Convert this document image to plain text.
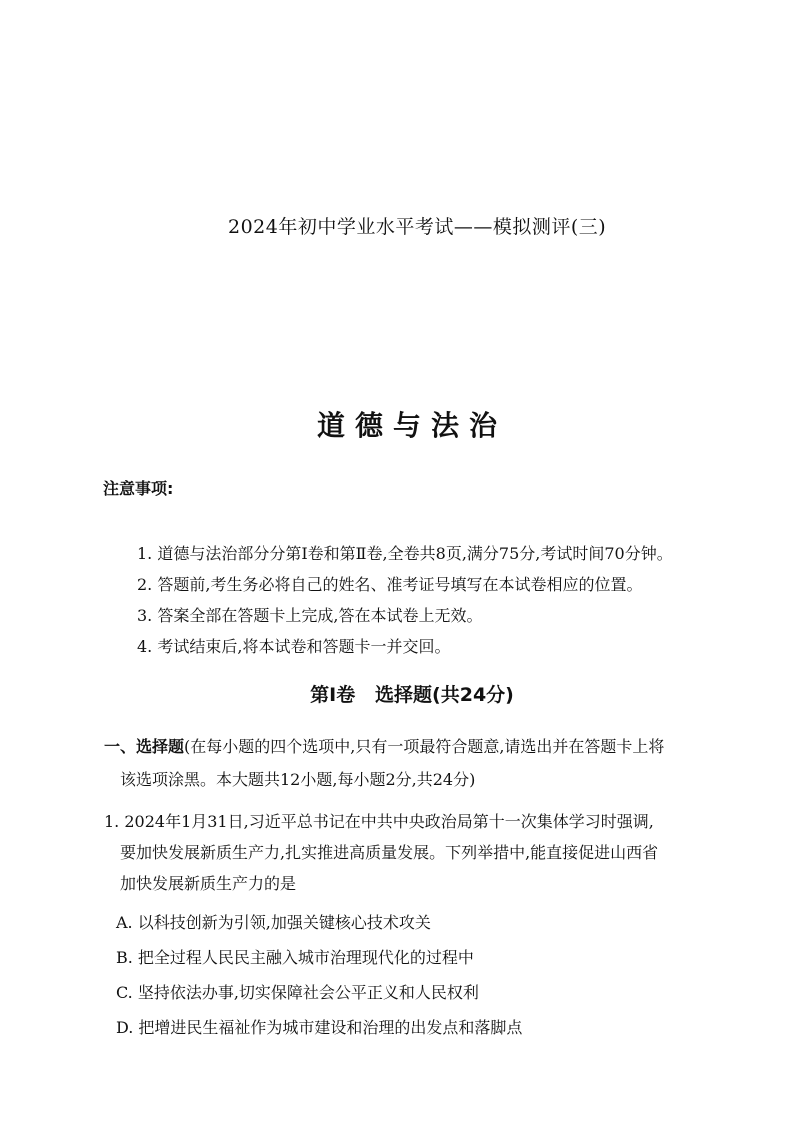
2024年初中学业水平考试——模拟测评(三)
道德与法治
注意事项:
1. 道德与法治部分分第Ⅰ卷和第Ⅱ卷,全卷共8页,满分75分,考试时间70分钟。
2. 答题前,考生务必将自己的姓名、准考证号填写在本试卷相应的位置。
3. 答案全部在答题卡上完成,答在本试卷上无效。
4. 考试结束后,将本试卷和答题卡一并交回。
第Ⅰ卷   选择题(共24分)
一、选择题(在每小题的四个选项中,只有一项最符合题意,请选出并在答题卡上将
该选项涂黑。本大题共12小题,每小题2分,共24分)
1. 2024年1月31日,习近平总书记在中共中央政治局第十一次集体学习时强调,
要加快发展新质生产力,扎实推进高质量发展。下列举措中,能直接促进山西省
加快发展新质生产力的是
A. 以科技创新为引领,加强关键核心技术攻关
B. 把全过程人民民主融入城市治理现代化的过程中
C. 坚持依法办事,切实保障社会公平正义和人民权利
D. 把增进民生福祉作为城市建设和治理的出发点和落脚点
